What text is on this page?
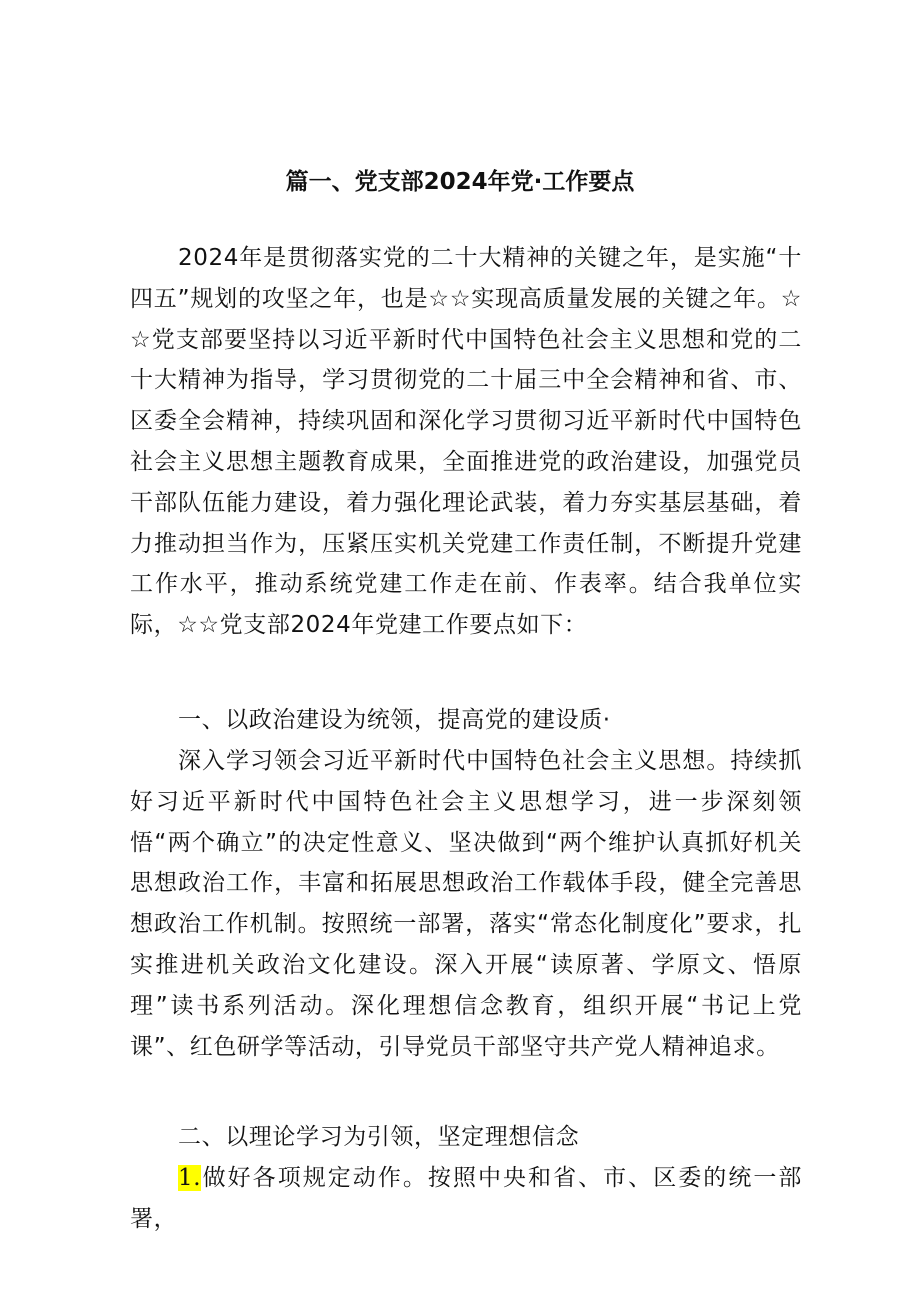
篇一、党支部2024年党·工作要点

2024年是贯彻落实党的二十大精神的关键之年，是实施“十四五”规划的攻坚之年，也是☆☆实现高质量发展的关键之年。☆☆党支部要坚持以习近平新时代中国特色社会主义思想和党的二十大精神为指导，学习贯彻党的二十届三中全会精神和省、市、区委全会精神，持续巩固和深化学习贯彻习近平新时代中国特色社会主义思想主题教育成果，全面推进党的政治建设，加强党员干部队伍能力建设，着力强化理论武装，着力夯实基层基础，着力推动担当作为，压紧压实机关党建工作责任制，不断提升党建工作水平，推动系统党建工作走在前、作表率。结合我单位实际，☆☆党支部2024年党建工作要点如下：

一、以政治建设为统领，提高党的建设质·

深入学习领会习近平新时代中国特色社会主义思想。持续抓好习近平新时代中国特色社会主义思想学习，进一步深刻领悟“两个确立”的决定性意义、坚决做到“两个维护认真抓好机关思想政治工作，丰富和拓展思想政治工作载体手段，健全完善思想政治工作机制。按照统一部署，落实“常态化制度化”要求，扎实推进机关政治文化建设。深入开展“读原著、学原文、悟原理”读书系列活动。深化理想信念教育，组织开展“书记上党课”、红色研学等活动，引导党员干部坚守共产党人精神追求。

二、以理论学习为引领，坚定理想信念

1.做好各项规定动作。按照中央和省、市、区委的统一部署，
